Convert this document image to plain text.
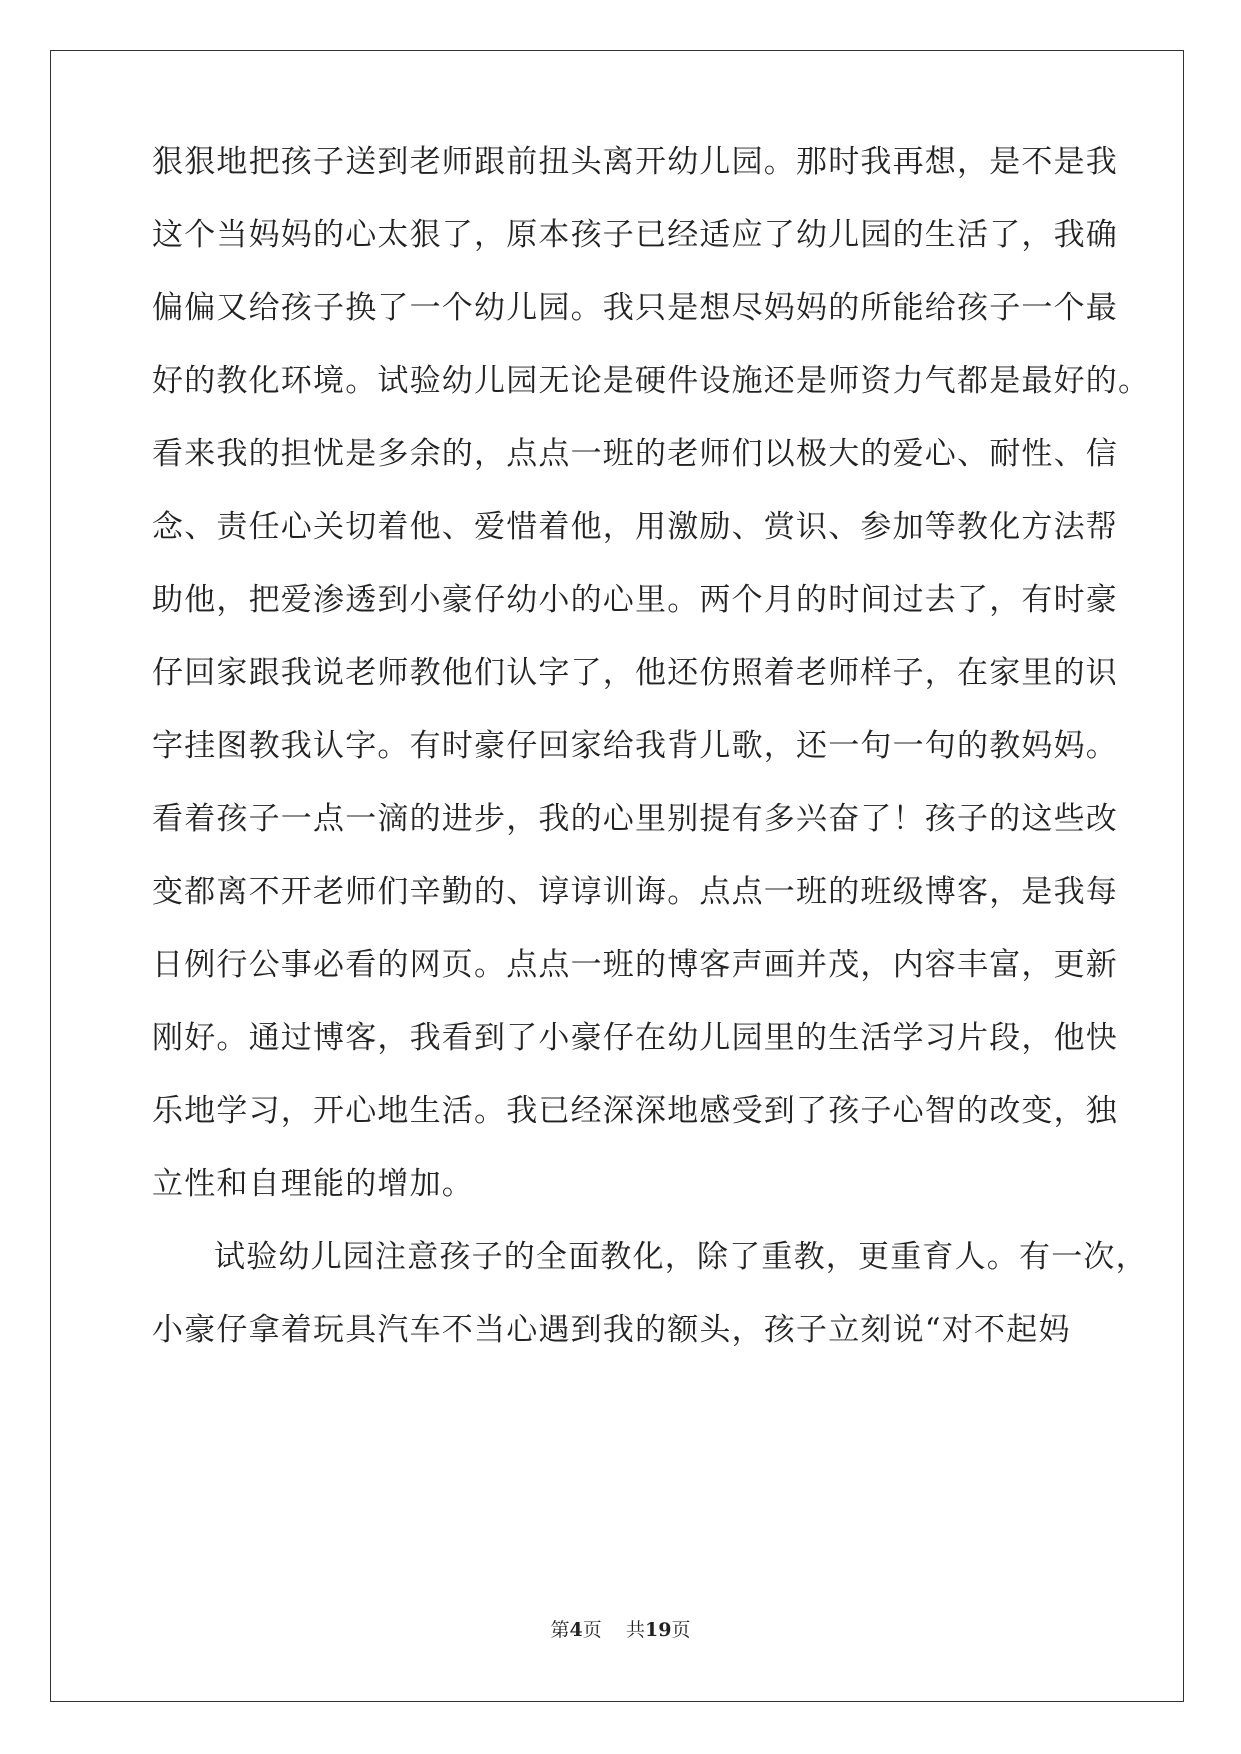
狠狠地把孩子送到老师跟前扭头离开幼儿园。那时我再想，是不是我
这个当妈妈的心太狠了，原本孩子已经适应了幼儿园的生活了，我确
偏偏又给孩子换了一个幼儿园。我只是想尽妈妈的所能给孩子一个最
好的教化环境。试验幼儿园无论是硬件设施还是师资力气都是最好的。
看来我的担忧是多余的，点点一班的老师们以极大的爱心、耐性、信
念、责任心关切着他、爱惜着他，用激励、赏识、参加等教化方法帮
助他，把爱渗透到小豪仔幼小的心里。两个月的时间过去了，有时豪
仔回家跟我说老师教他们认字了，他还仿照着老师样子，在家里的识
字挂图教我认字。有时豪仔回家给我背儿歌，还一句一句的教妈妈。
看着孩子一点一滴的进步，我的心里别提有多兴奋了！孩子的这些改
变都离不开老师们辛勤的、谆谆训诲。点点一班的班级博客，是我每
日例行公事必看的网页。点点一班的博客声画并茂，内容丰富，更新
刚好。通过博客，我看到了小豪仔在幼儿园里的生活学习片段，他快
乐地学习，开心地生活。我已经深深地感受到了孩子心智的改变，独
立性和自理能的增加。
试验幼儿园注意孩子的全面教化，除了重教，更重育人。有一次，
小豪仔拿着玩具汽车不当心遇到我的额头，孩子立刻说“对不起妈
第4页 共19页
